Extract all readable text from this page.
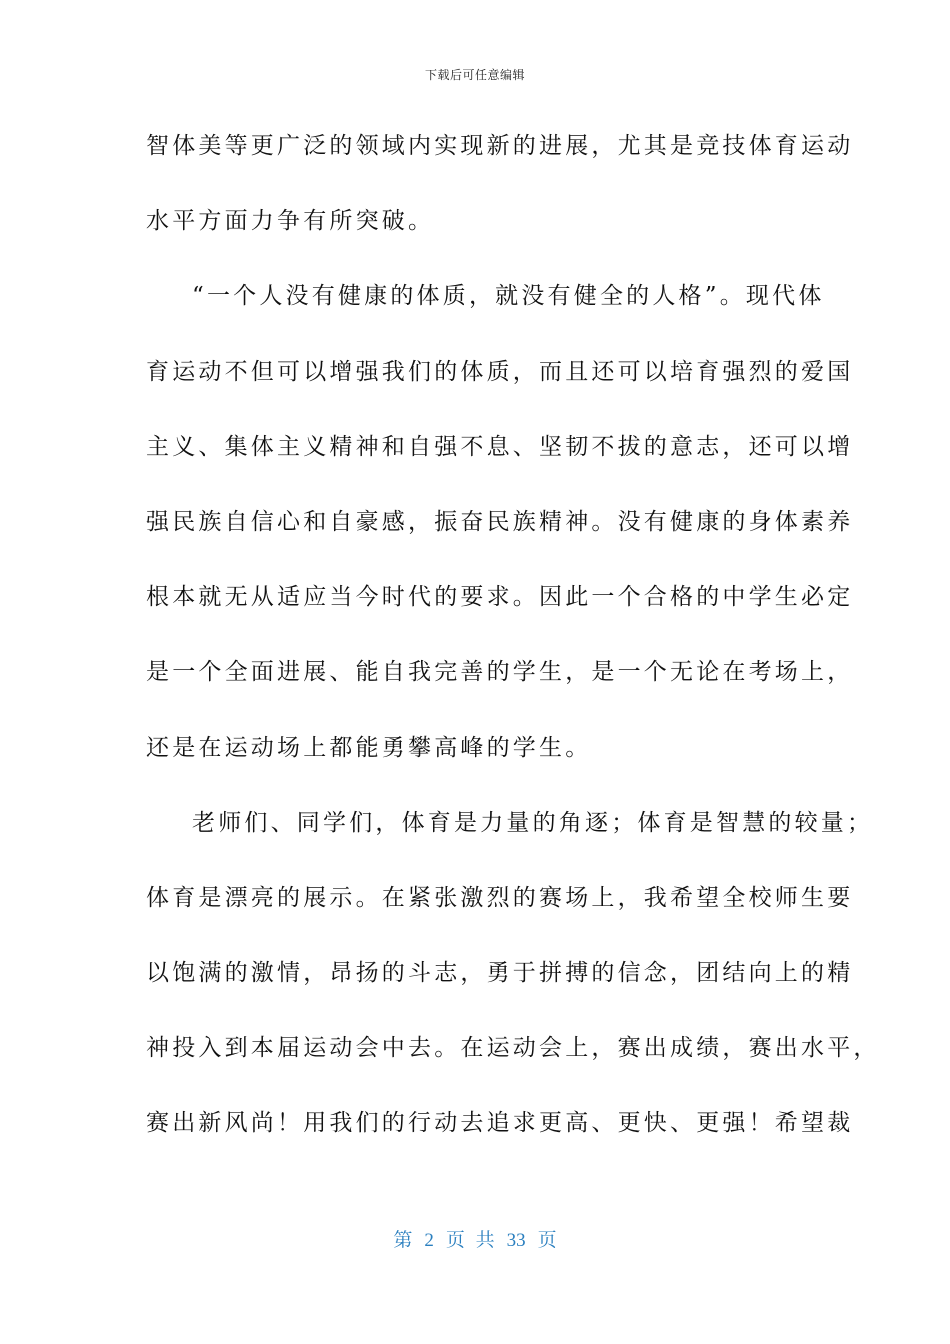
下载后可任意编辑
智体美等更广泛的领域内实现新的进展，尤其是竞技体育运动
水平方面力争有所突破。
“一个人没有健康的体质，就没有健全的人格”。现代体
育运动不但可以增强我们的体质，而且还可以培育强烈的爱国
主义、集体主义精神和自强不息、坚韧不拔的意志，还可以增
强民族自信心和自豪感，振奋民族精神。没有健康的身体素养
根本就无从适应当今时代的要求。因此一个合格的中学生必定
是一个全面进展、能自我完善的学生，是一个无论在考场上，
还是在运动场上都能勇攀高峰的学生。
老师们、同学们，体育是力量的角逐；体育是智慧的较量；
体育是漂亮的展示。在紧张激烈的赛场上，我希望全校师生要
以饱满的激情，昂扬的斗志，勇于拼搏的信念，团结向上的精
神投入到本届运动会中去。在运动会上，赛出成绩，赛出水平，
赛出新风尚！用我们的行动去追求更高、更快、更强！希望裁
第 2 页 共 33 页
